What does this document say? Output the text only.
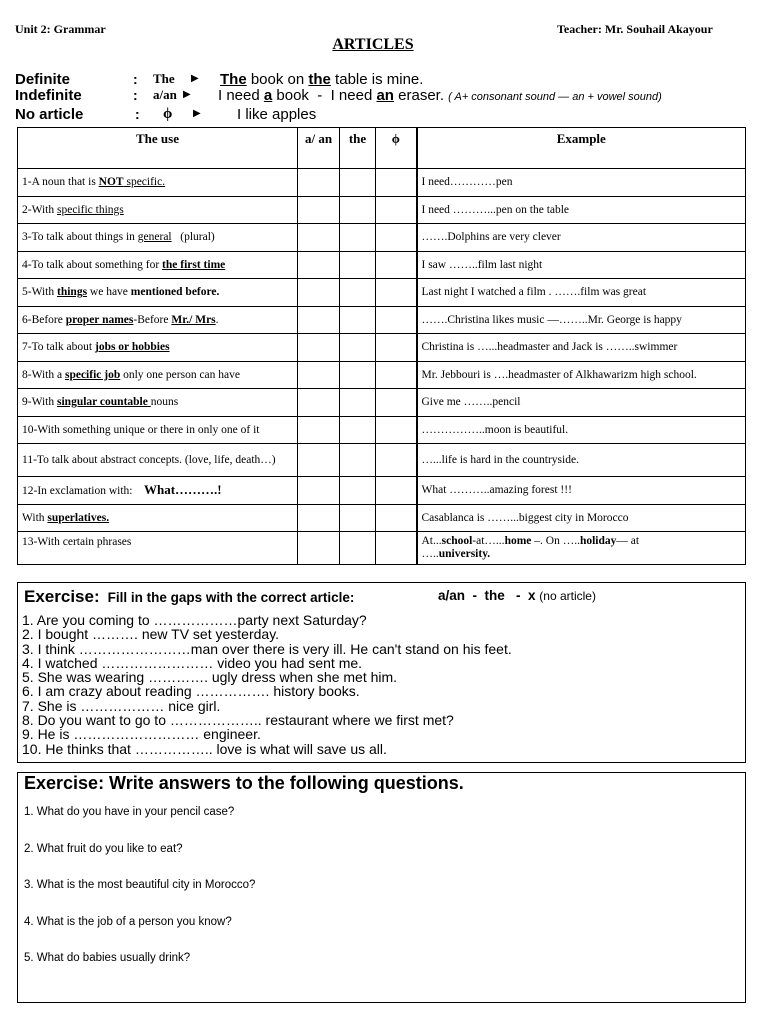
Unit 2: Grammar	Teacher: Mr. Souhail Akayour
ARTICLES
Definite	: The ▶ The book on the table is mine.
Indefinite	: a/an ▶ I need a book  -  I need an eraser. ( A+ consonant sound — an + vowel sound)
No article	: ϕ ▶ I like apples
The use	a/ an	the	ϕ	Example
1-A noun that is NOT specific.				I need…………pen
2-With specific things				I need ………...pen on the table
3-To talk about things in general   (plural)				…….Dolphins are very clever
4-To talk about something for the first time				I saw ……..film last night
5-With things we have mentioned before.				Last night I watched a film . …….film was great
6-Before proper names-Before Mr./ Mrs.				…….Christina likes music —……..Mr. George is happy
7-To talk about jobs or hobbies				Christina is …...headmaster and Jack is ……..swimmer
8-With a specific job only one person can have				Mr. Jebbouri is ….headmaster of Alkhawarizm high school.
9-With singular countable nouns				Give me ……..pencil
10-With something unique or there in only one of it				……………..moon is beautiful.
11-To talk about abstract concepts. (love, life, death…)				…...life is hard in the countryside.
12-In exclamation with:    What……….!				What ………..amazing forest !!!
With superlatives.				Casablanca is ……...biggest city in Morocco
13-With certain phrases				At...school-at…...home –. On …..holiday— at
…..university.
Exercise: Fill in the gaps with the correct article:	a/an  -  the   -  x (no article)
1. Are you coming to ………………party next Saturday?
2. I bought ………. new TV set yesterday.
3. I think ……………………man over there is very ill. He can't stand on his feet.
4. I watched …………………… video you had sent me.
5. She was wearing …………. ugly dress when she met him.
6. I am crazy about reading ……………. history books.
7. She is ……………… nice girl.
8. Do you want to go to ……………….. restaurant where we first met?
9. He is ……………………… engineer.
10. He thinks that …………….. love is what will save us all.
Exercise: Write answers to the following questions.
1. What do you have in your pencil case?
2. What fruit do you like to eat?
3. What is the most beautiful city in Morocco?
4. What is the job of a person you know?
5. What do babies usually drink?
